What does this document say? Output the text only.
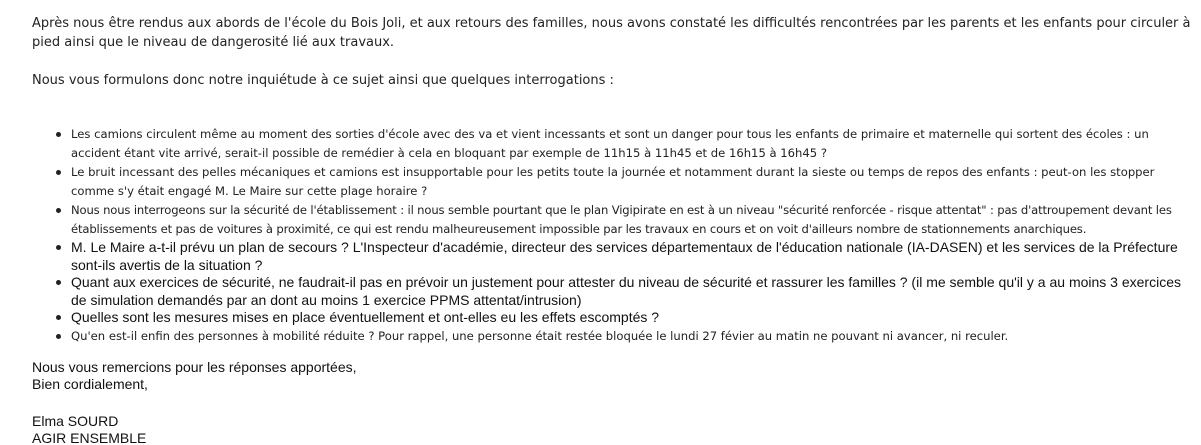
Après nous être rendus aux abords de l'école du Bois Joli, et aux retours des familles, nous avons constaté les difficultés rencontrées par les parents et les enfants pour circuler à pied ainsi que le niveau de dangerosité lié aux travaux.

Nous vous formulons donc notre inquiétude à ce sujet ainsi que quelques interrogations :

Les camions circulent même au moment des sorties d'école avec des va et vient incessants et sont un danger pour tous les enfants de primaire et maternelle qui sortent des écoles : un accident étant vite arrivé, serait-il possible de remédier à cela en bloquant par exemple de 11h15 à 11h45 et de 16h15 à 16h45 ?
Le bruit incessant des pelles mécaniques et camions est insupportable pour les petits toute la journée et notamment durant la sieste ou temps de repos des enfants : peut-on les stopper comme s'y était engagé M. Le Maire sur cette plage horaire ?
Nous nous interrogeons sur la sécurité de l'établissement : il nous semble pourtant que le plan Vigipirate en est à un niveau "sécurité renforcée - risque attentat" : pas d'attroupement devant les établissements et pas de voitures à proximité, ce qui est rendu malheureusement impossible par les travaux en cours et on voit d'ailleurs nombre de stationnements anarchiques.
M. Le Maire a-t-il prévu un plan de secours ? L'Inspecteur d'académie, directeur des services départementaux de l'éducation nationale (IA-DASEN) et les services de la Préfecture sont-ils avertis de la situation ?
Quant aux exercices de sécurité, ne faudrait-il pas en prévoir un justement pour attester du niveau de sécurité et rassurer les familles ? (il me semble qu'il y a au moins 3 exercices de simulation demandés par an dont au moins 1 exercice PPMS attentat/intrusion)
Quelles sont les mesures mises en place éventuellement et ont-elles eu les effets escomptés ?
Qu'en est-il enfin des personnes à mobilité réduite ? Pour rappel, une personne était restée bloquée le lundi 27 févier au matin ne pouvant ni avancer, ni reculer.

Nous vous remercions pour les réponses apportées,

Bien cordialement,

Elma SOURD

AGIR ENSEMBLE
